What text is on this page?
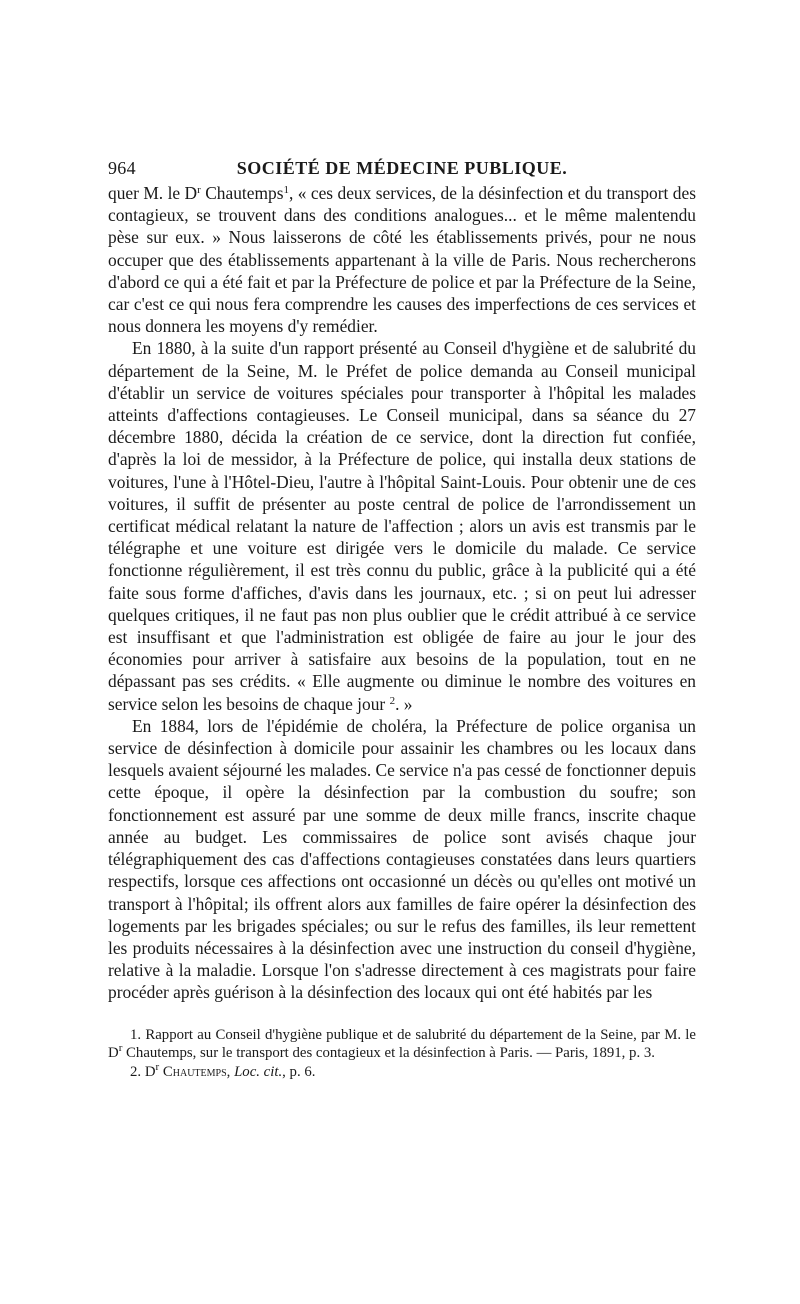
964	SOCIÉTÉ DE MÉDECINE PUBLIQUE.

quer M. le $D^r$ Chautemps$^1$, « ces deux services, de la désinfection et du transport des contagieux, se trouvent dans des conditions analogues... et le même malentendu pèse sur eux. » Nous laisserons de côté les établissements privés, pour ne nous occuper que des établissements appartenant à la ville de Paris. Nous rechercherons d'abord ce qui a été fait et par la Préfecture de police et par la Préfecture de la Seine, car c'est ce qui nous fera comprendre les causes des imperfections de ces services et nous donnera les moyens d'y remédier.

En 1880, à la suite d'un rapport présenté au Conseil d'hygiène et de salubrité du département de la Seine, M. le Préfet de police demanda au Conseil municipal d'établir un service de voitures spéciales pour transporter à l'hôpital les malades atteints d'affections contagieuses. Le Conseil municipal, dans sa séance du 27 décembre 1880, décida la création de ce service, dont la direction fut confiée, d'après la loi de messidor, à la Préfecture de police, qui installa deux stations de voitures, l'une à l'Hôtel-Dieu, l'autre à l'hôpital Saint-Louis. Pour obtenir une de ces voitures, il suffit de présenter au poste central de police de l'arrondissement un certificat médical relatant la nature de l'affection ; alors un avis est transmis par le télégraphe et une voiture est dirigée vers le domicile du malade. Ce service fonctionne régulièrement, il est très connu du public, grâce à la publicité qui a été faite sous forme d'affiches, d'avis dans les journaux, etc. ; si on peut lui adresser quelques critiques, il ne faut pas non plus oublier que le crédit attribué à ce service est insuffisant et que l'administration est obligée de faire au jour le jour des économies pour arriver à satisfaire aux besoins de la population, tout en ne dépassant pas ses crédits. « Elle augmente ou diminue le nombre des voitures en service selon les besoins de chaque jour $^2$. »

En 1884, lors de l'épidémie de choléra, la Préfecture de police organisa un service de désinfection à domicile pour assainir les chambres ou les locaux dans lesquels avaient séjourné les malades. Ce service n'a pas cessé de fonctionner depuis cette époque, il opère la désinfection par la combustion du soufre; son fonctionnement est assuré par une somme de deux mille francs, inscrite chaque année au budget. Les commissaires de police sont avisés chaque jour télégraphiquement des cas d'affections contagieuses constatées dans leurs quartiers respectifs, lorsque ces affections ont occasionné un décès ou qu'elles ont motivé un transport à l'hôpital; ils offrent alors aux familles de faire opérer la désinfection des logements par les brigades spéciales; ou sur le refus des familles, ils leur remettent les produits nécessaires à la désinfection avec une instruction du conseil d'hygiène, relative à la maladie. Lorsque l'on s'adresse directement à ces magistrats pour faire procéder après guérison à la désinfection des locaux qui ont été habités par les

1. Rapport au Conseil d'hygiène publique et de salubrité du département de la Seine, par M. le $D^r$ Chautemps, sur le transport des contagieux et la désinfection à Paris. — Paris, 1891, p. 3.

2. $D^r$ Chautemps, Loc. cit., p. 6.
